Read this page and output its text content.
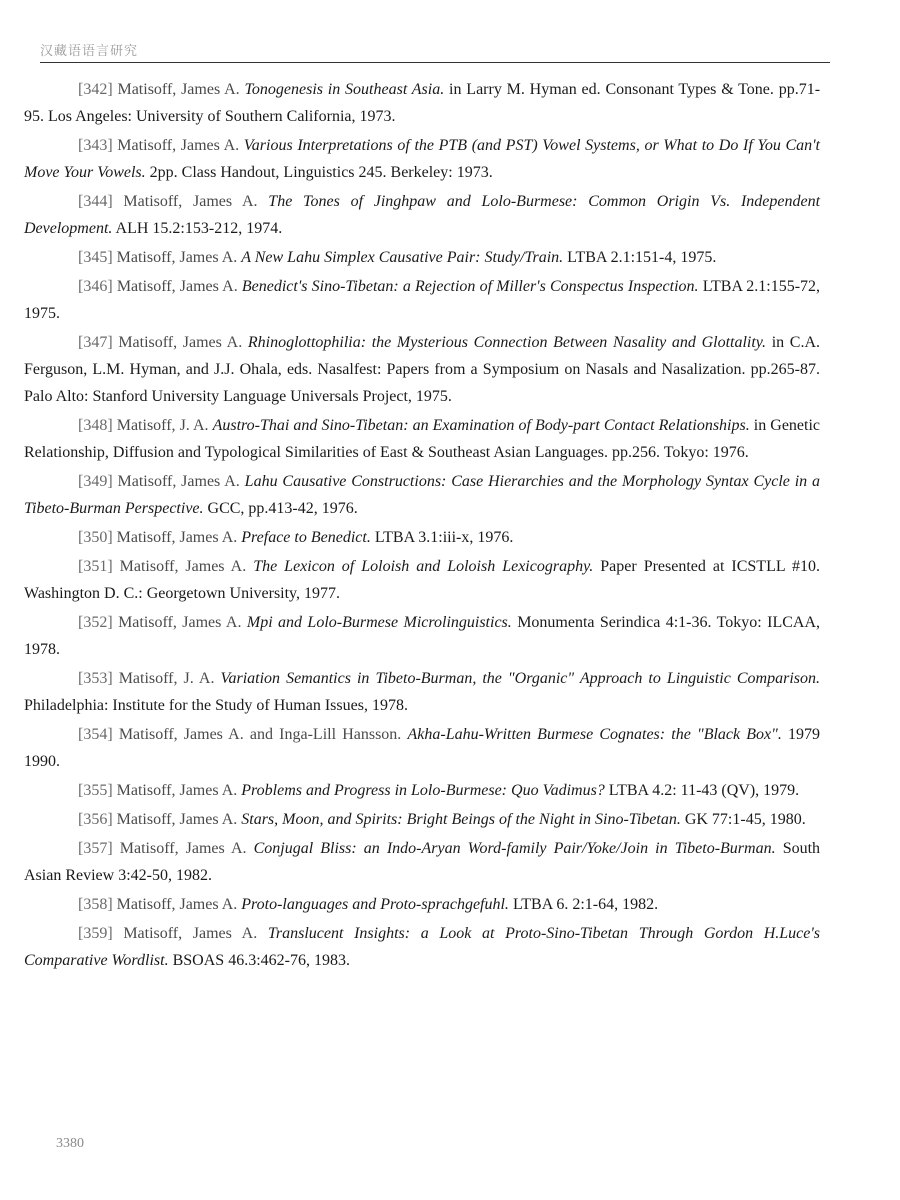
汉藏语语言研究

[342] Matisoff, James A. Tonogenesis in Southeast Asia. in Larry M. Hyman ed. Consonant Types & Tone. pp.71-95. Los Angeles: University of Southern California, 1973.

[343] Matisoff, James A. Various Interpretations of the PTB (and PST) Vowel Systems, or What to Do If You Can't Move Your Vowels. 2pp. Class Handout, Linguistics 245. Berkeley: 1973.

[344] Matisoff, James A. The Tones of Jinghpaw and Lolo-Burmese: Common Origin Vs. Independent Development. ALH 15.2:153-212, 1974.

[345] Matisoff, James A. A New Lahu Simplex Causative Pair: Study/Train. LTBA 2.1:151-4, 1975.

[346] Matisoff, James A. Benedict's Sino-Tibetan: a Rejection of Miller's Conspectus Inspection. LTBA 2.1:155-72, 1975.

[347] Matisoff, James A. Rhinoglottophilia: the Mysterious Connection Between Nasality and Glottality. in C.A. Ferguson, L.M. Hyman, and J.J. Ohala, eds. Nasalfest: Papers from a Symposium on Nasals and Nasalization. pp.265-87. Palo Alto: Stanford University Language Universals Project, 1975.

[348] Matisoff, J. A. Austro-Thai and Sino-Tibetan: an Examination of Body-part Contact Relationships. in Genetic Relationship, Diffusion and Typological Similarities of East & Southeast Asian Languages. pp.256. Tokyo: 1976.

[349] Matisoff, James A. Lahu Causative Constructions: Case Hierarchies and the Morphology Syntax Cycle in a Tibeto-Burman Perspective. GCC, pp.413-42, 1976.

[350] Matisoff, James A. Preface to Benedict. LTBA 3.1:iii-x, 1976.

[351] Matisoff, James A. The Lexicon of Loloish and Loloish Lexicography. Paper Presented at ICSTLL #10. Washington D. C.: Georgetown University, 1977.

[352] Matisoff, James A. Mpi and Lolo-Burmese Microlinguistics. Monumenta Serindica 4:1-36. Tokyo: ILCAA, 1978.

[353] Matisoff, J. A. Variation Semantics in Tibeto-Burman, the "Organic" Approach to Linguistic Comparison. Philadelphia: Institute for the Study of Human Issues, 1978.

[354] Matisoff, James A. and Inga-Lill Hansson. Akha-Lahu-Written Burmese Cognates: the "Black Box". 1979 1990.

[355] Matisoff, James A. Problems and Progress in Lolo-Burmese: Quo Vadimus? LTBA 4.2: 11-43 (QV), 1979.

[356] Matisoff, James A. Stars, Moon, and Spirits: Bright Beings of the Night in Sino-Tibetan. GK 77:1-45, 1980.

[357] Matisoff, James A. Conjugal Bliss: an Indo-Aryan Word-family Pair/Yoke/Join in Tibeto-Burman. South Asian Review 3:42-50, 1982.

[358] Matisoff, James A. Proto-languages and Proto-sprachgefuhl. LTBA 6. 2:1-64, 1982.

[359] Matisoff, James A. Translucent Insights: a Look at Proto-Sino-Tibetan Through Gordon H.Luce's Comparative Wordlist. BSOAS 46.3:462-76, 1983.

3380
